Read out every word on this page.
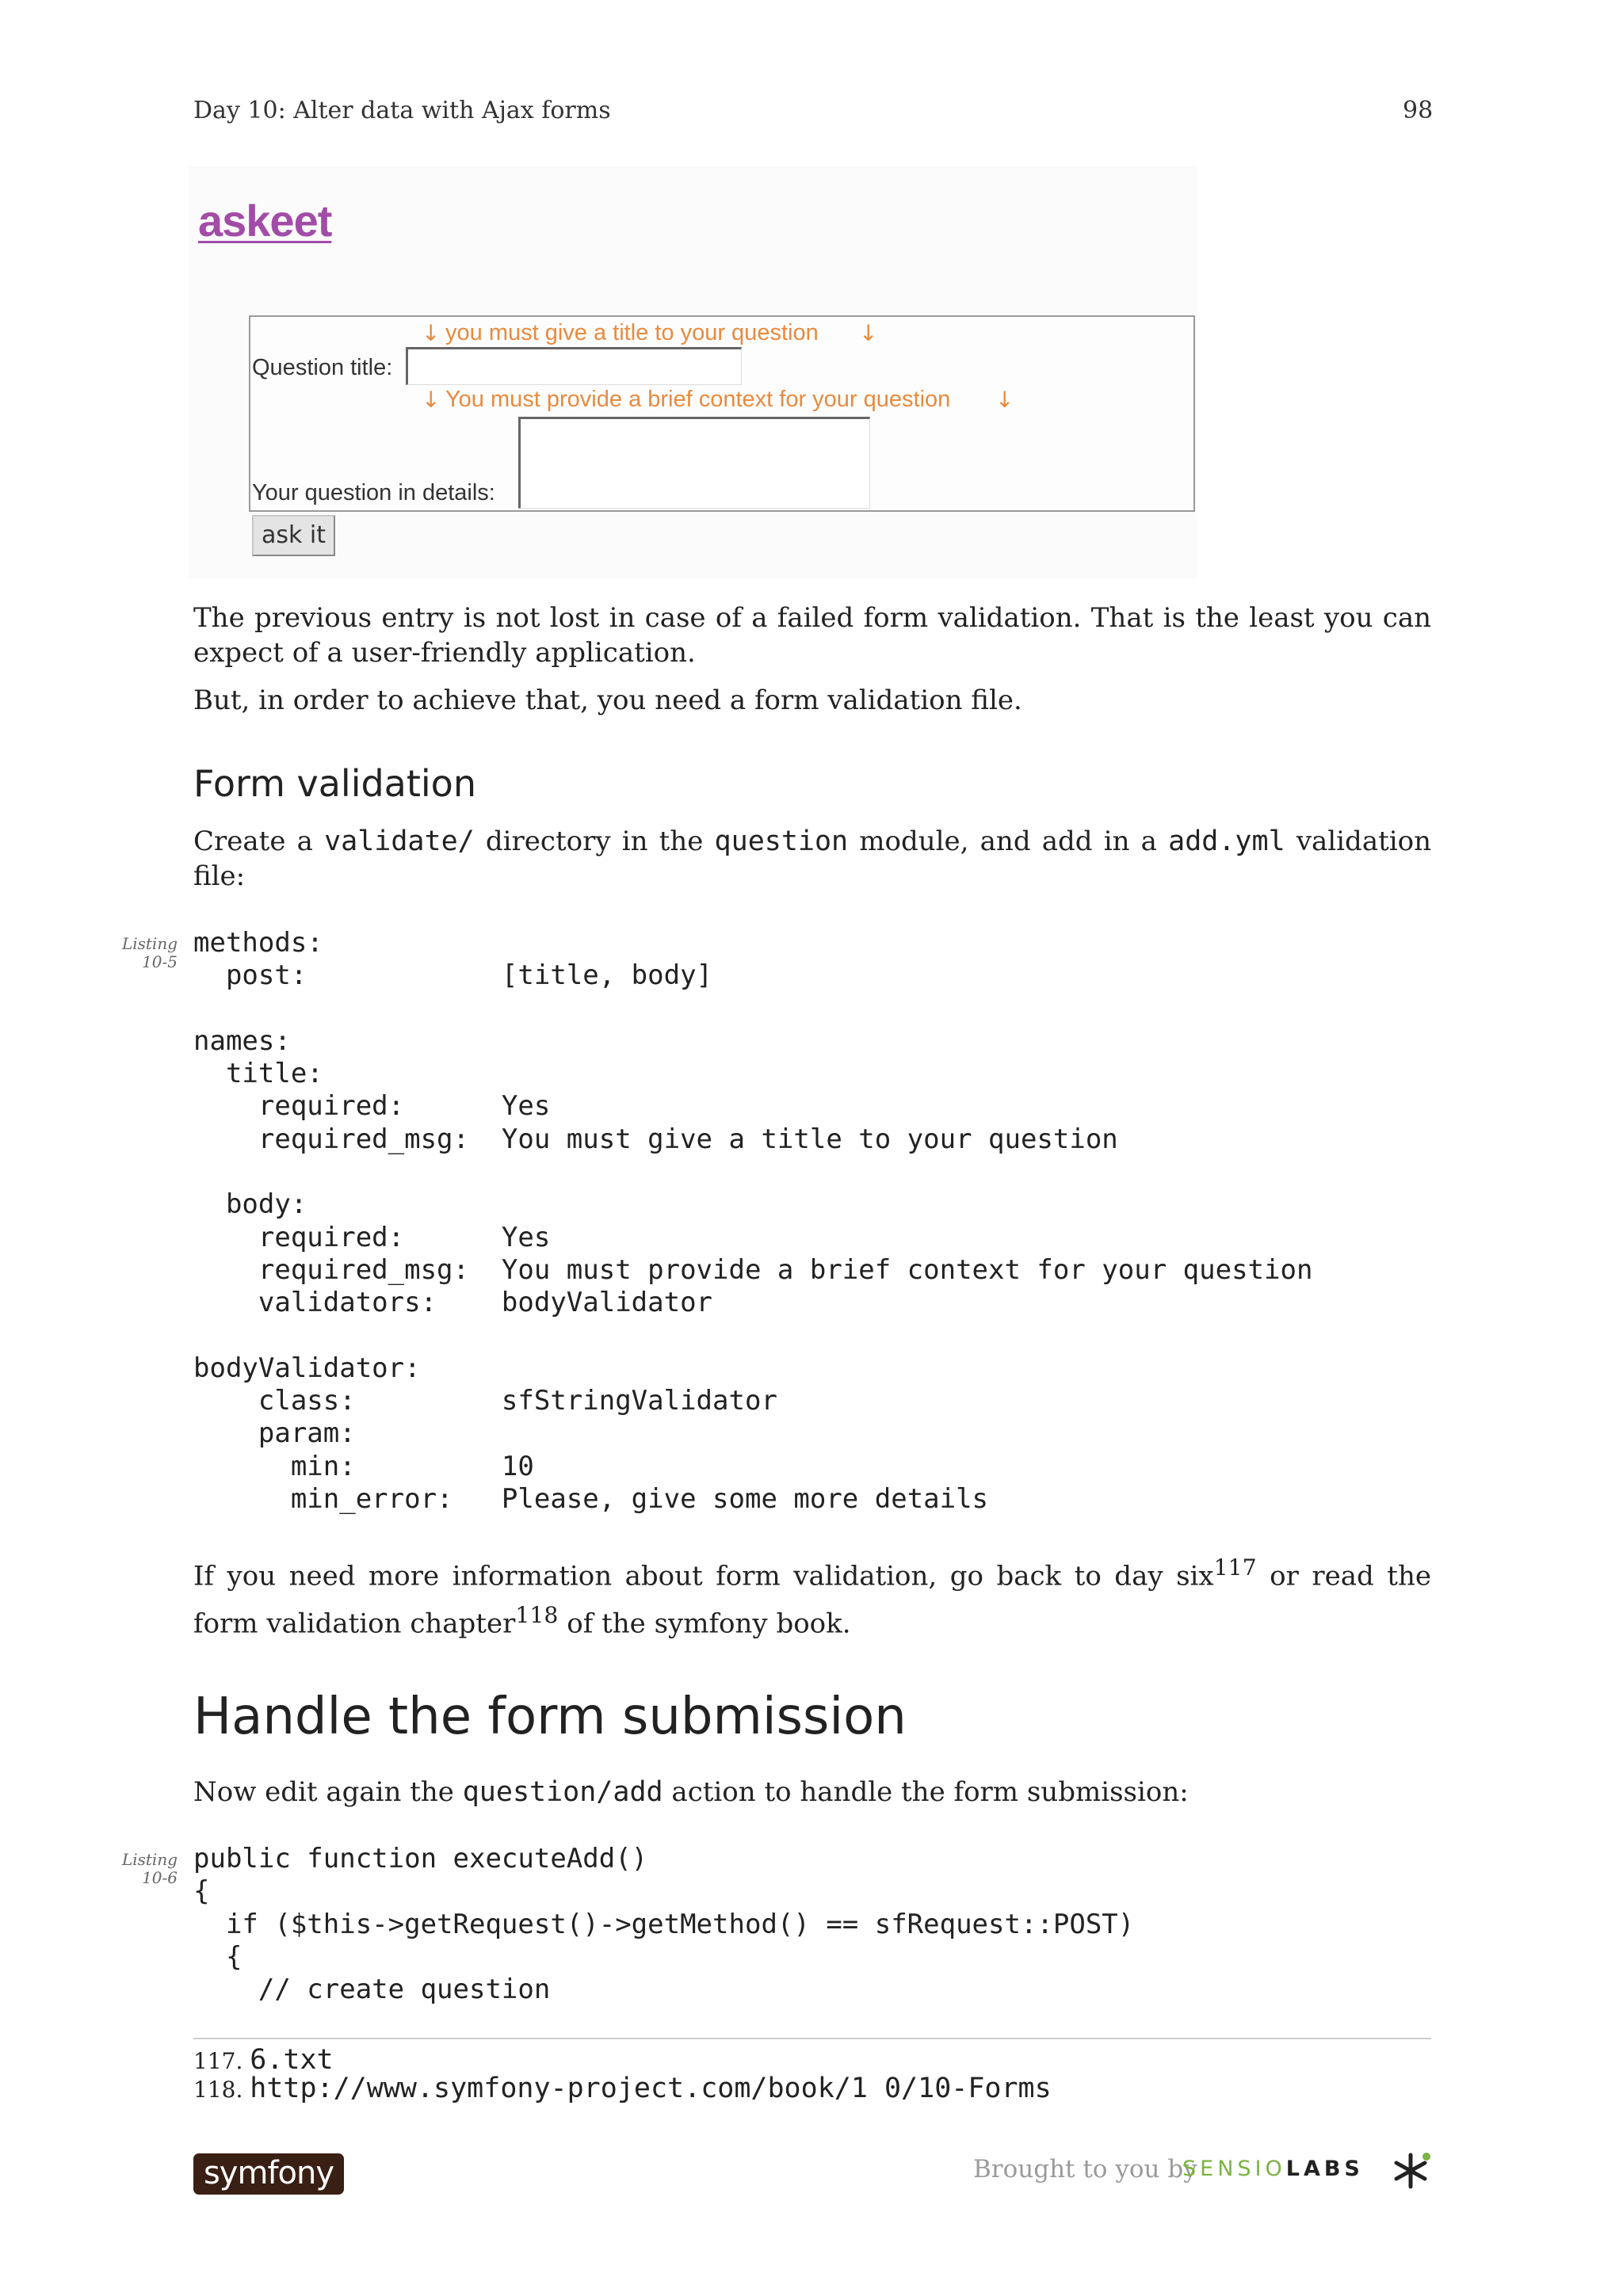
Day 10: Alter data with Ajax forms	98
askeet
↓ you must give a title to your question ↓
Question title:
↓ You must provide a brief context for your question ↓
Your question in details:
ask it
The previous entry is not lost in case of a failed form validation. That is the least you can expect of a user-friendly application.
But, in order to achieve that, you need a form validation file.
Form validation
Create a validate/ directory in the question module, and add in a add.yml validation file:
Listing 10-5
methods:
post:            [title, body]

names:
title:
required:      Yes
required_msg:  You must give a title to your question

body:
required:      Yes
required_msg:  You must provide a brief context for your question
validators:    bodyValidator

bodyValidator:
class:         sfStringValidator
param:
min:         10
min_error:   Please, give some more details
If you need more information about form validation, go back to day six$^{117}$ or read the form validation chapter$^{118}$ of the symfony book.
Handle the form submission
Now edit again the question/add action to handle the form submission:
Listing 10-6
public function executeAdd()
{
if ($this->getRequest()->getMethod() == sfRequest::POST)
{
// create question
117. 6.txt
118. http://www.symfony-project.com/book/1 0/10-Forms
symfony	Brought to you by
SENSIOLABS
